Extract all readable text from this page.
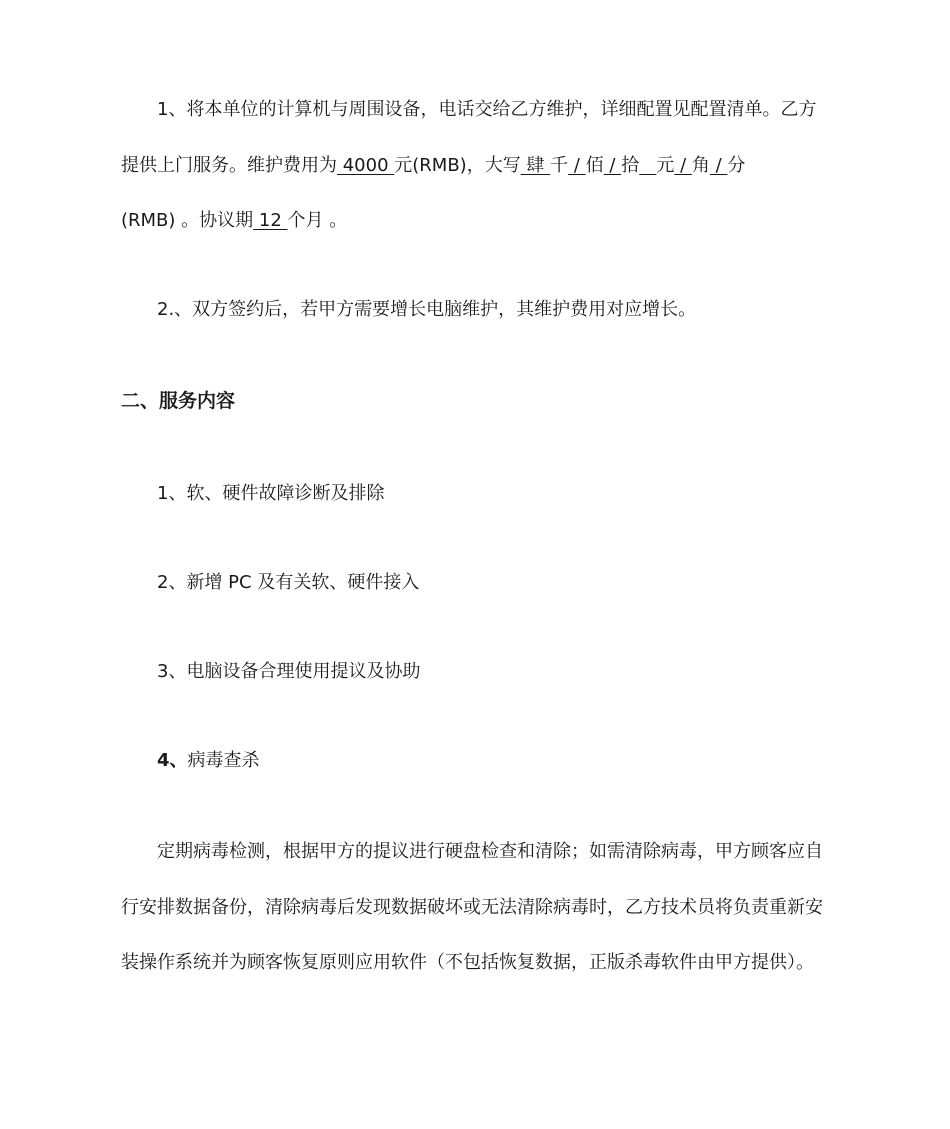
1、将本单位的计算机与周围设备，电话交给乙方维护，详细配置见配置清单。乙方
提供上门服务。维护费用为 4000 元(RMB)，大写 肆 千 / 佰 / 拾 元 / 角 / 分
(RMB) 。协议期 12 个月 。
2.、双方签约后，若甲方需要增长电脑维护，其维护费用对应增长。
二、服务内容
1、软、硬件故障诊断及排除
2、新增 PC 及有关软、硬件接入
3、电脑设备合理使用提议及协助
4、病毒查杀
定期病毒检测，根据甲方的提议进行硬盘检查和清除；如需清除病毒，甲方顾客应自
行安排数据备份，清除病毒后发现数据破坏或无法清除病毒时，乙方技术员将负责重新安
装操作系统并为顾客恢复原则应用软件（不包括恢复数据，正版杀毒软件由甲方提供）。
